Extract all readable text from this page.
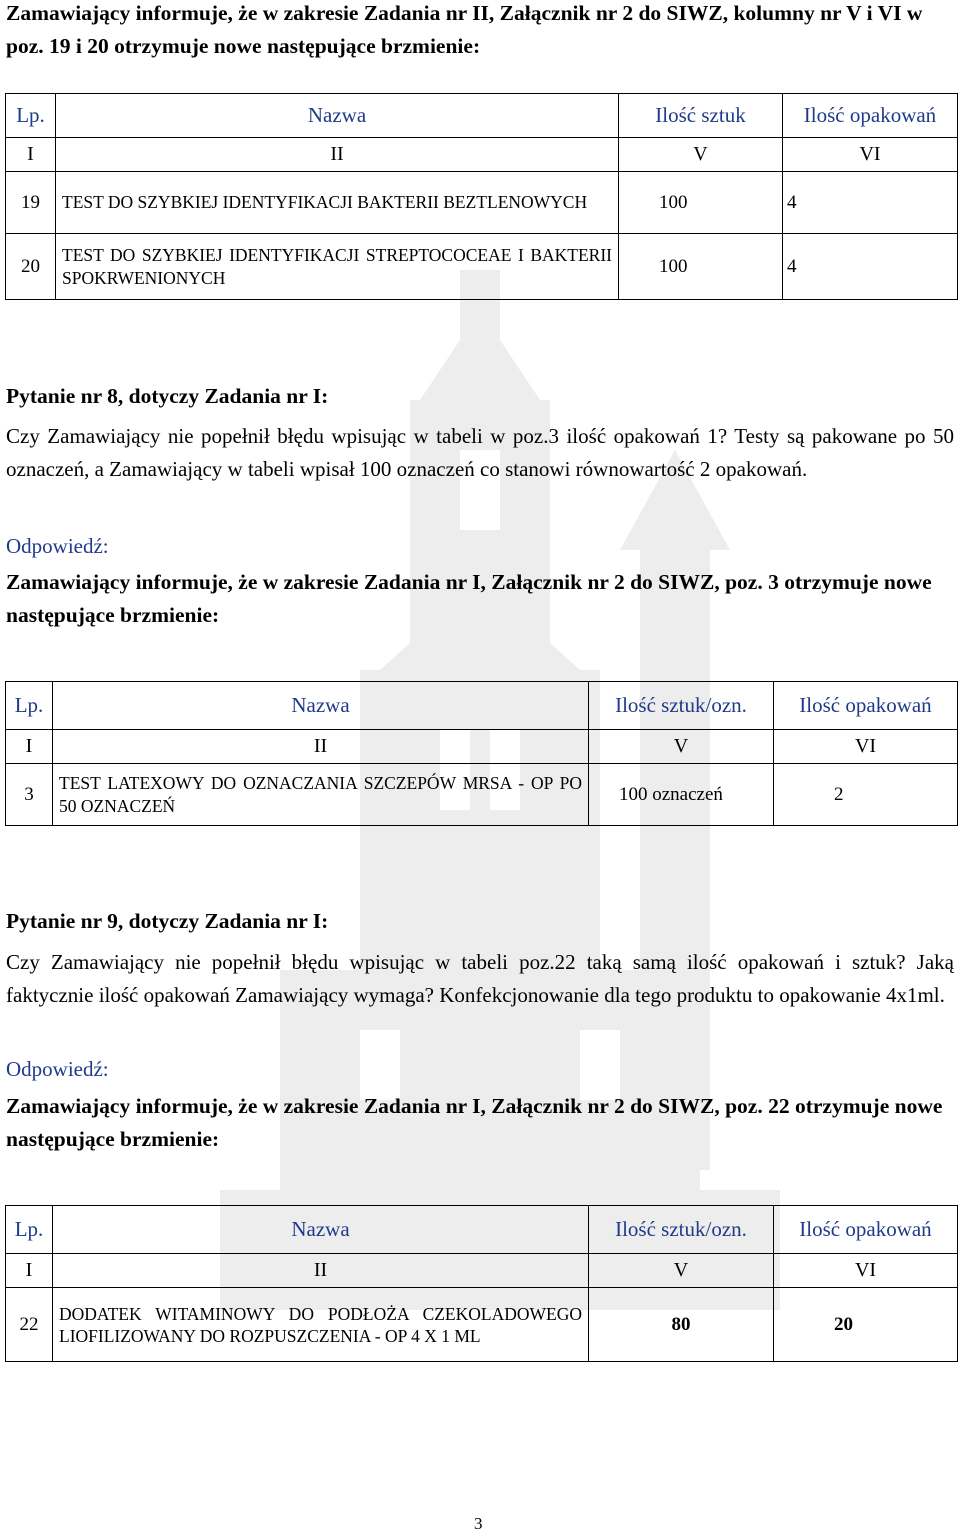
Zamawiający informuje, że w zakresie Zadania nr II, Załącznik nr 2 do SIWZ, kolumny nr V i VI w poz. 19 i 20 otrzymuje nowe następujące brzmienie:
Lp.	Nazwa	Ilość sztuk	Ilość opakowań
I	II	V	VI
19	TEST DO SZYBKIEJ IDENTYFIKACJI BAKTERII BEZTLENOWYCH	100	4
20	TEST DO SZYBKIEJ IDENTYFIKACJI STREPTOCOCEAE I BAKTERII SPOKRWENIONYCH	100	4
Pytanie nr 8, dotyczy Zadania nr I:
Czy Zamawiający nie popełnił błędu wpisując w tabeli w poz.3 ilość opakowań 1? Testy są pakowane po 50 oznaczeń, a Zamawiający w tabeli wpisał 100 oznaczeń co stanowi równowartość 2 opakowań.
Odpowiedź:
Zamawiający informuje, że w zakresie Zadania nr I, Załącznik nr 2 do SIWZ, poz. 3 otrzymuje nowe następujące brzmienie:
Lp.	Nazwa	Ilość sztuk/ozn.	Ilość opakowań
I	II	V	VI
3	TEST LATEXOWY DO OZNACZANIA SZCZEPÓW MRSA - OP PO 50 OZNACZEŃ	100 oznaczeń	2
Pytanie nr 9, dotyczy Zadania nr I:
Czy Zamawiający nie popełnił błędu wpisując w tabeli poz.22 taką samą ilość opakowań i sztuk? Jaką faktycznie ilość opakowań Zamawiający wymaga? Konfekcjonowanie dla tego produktu to opakowanie 4x1ml.
Odpowiedź:
Zamawiający informuje, że w zakresie Zadania nr I, Załącznik nr 2 do SIWZ, poz. 22 otrzymuje nowe następujące brzmienie:
Lp.	Nazwa	Ilość sztuk/ozn.	Ilość opakowań
I	II	V	VI
22	DODATEK WITAMINOWY DO PODŁOŻA CZEKOLADOWEGO LIOFILIZOWANY DO ROZPUSZCZENIA - OP 4 X 1 ML	80	20
3
